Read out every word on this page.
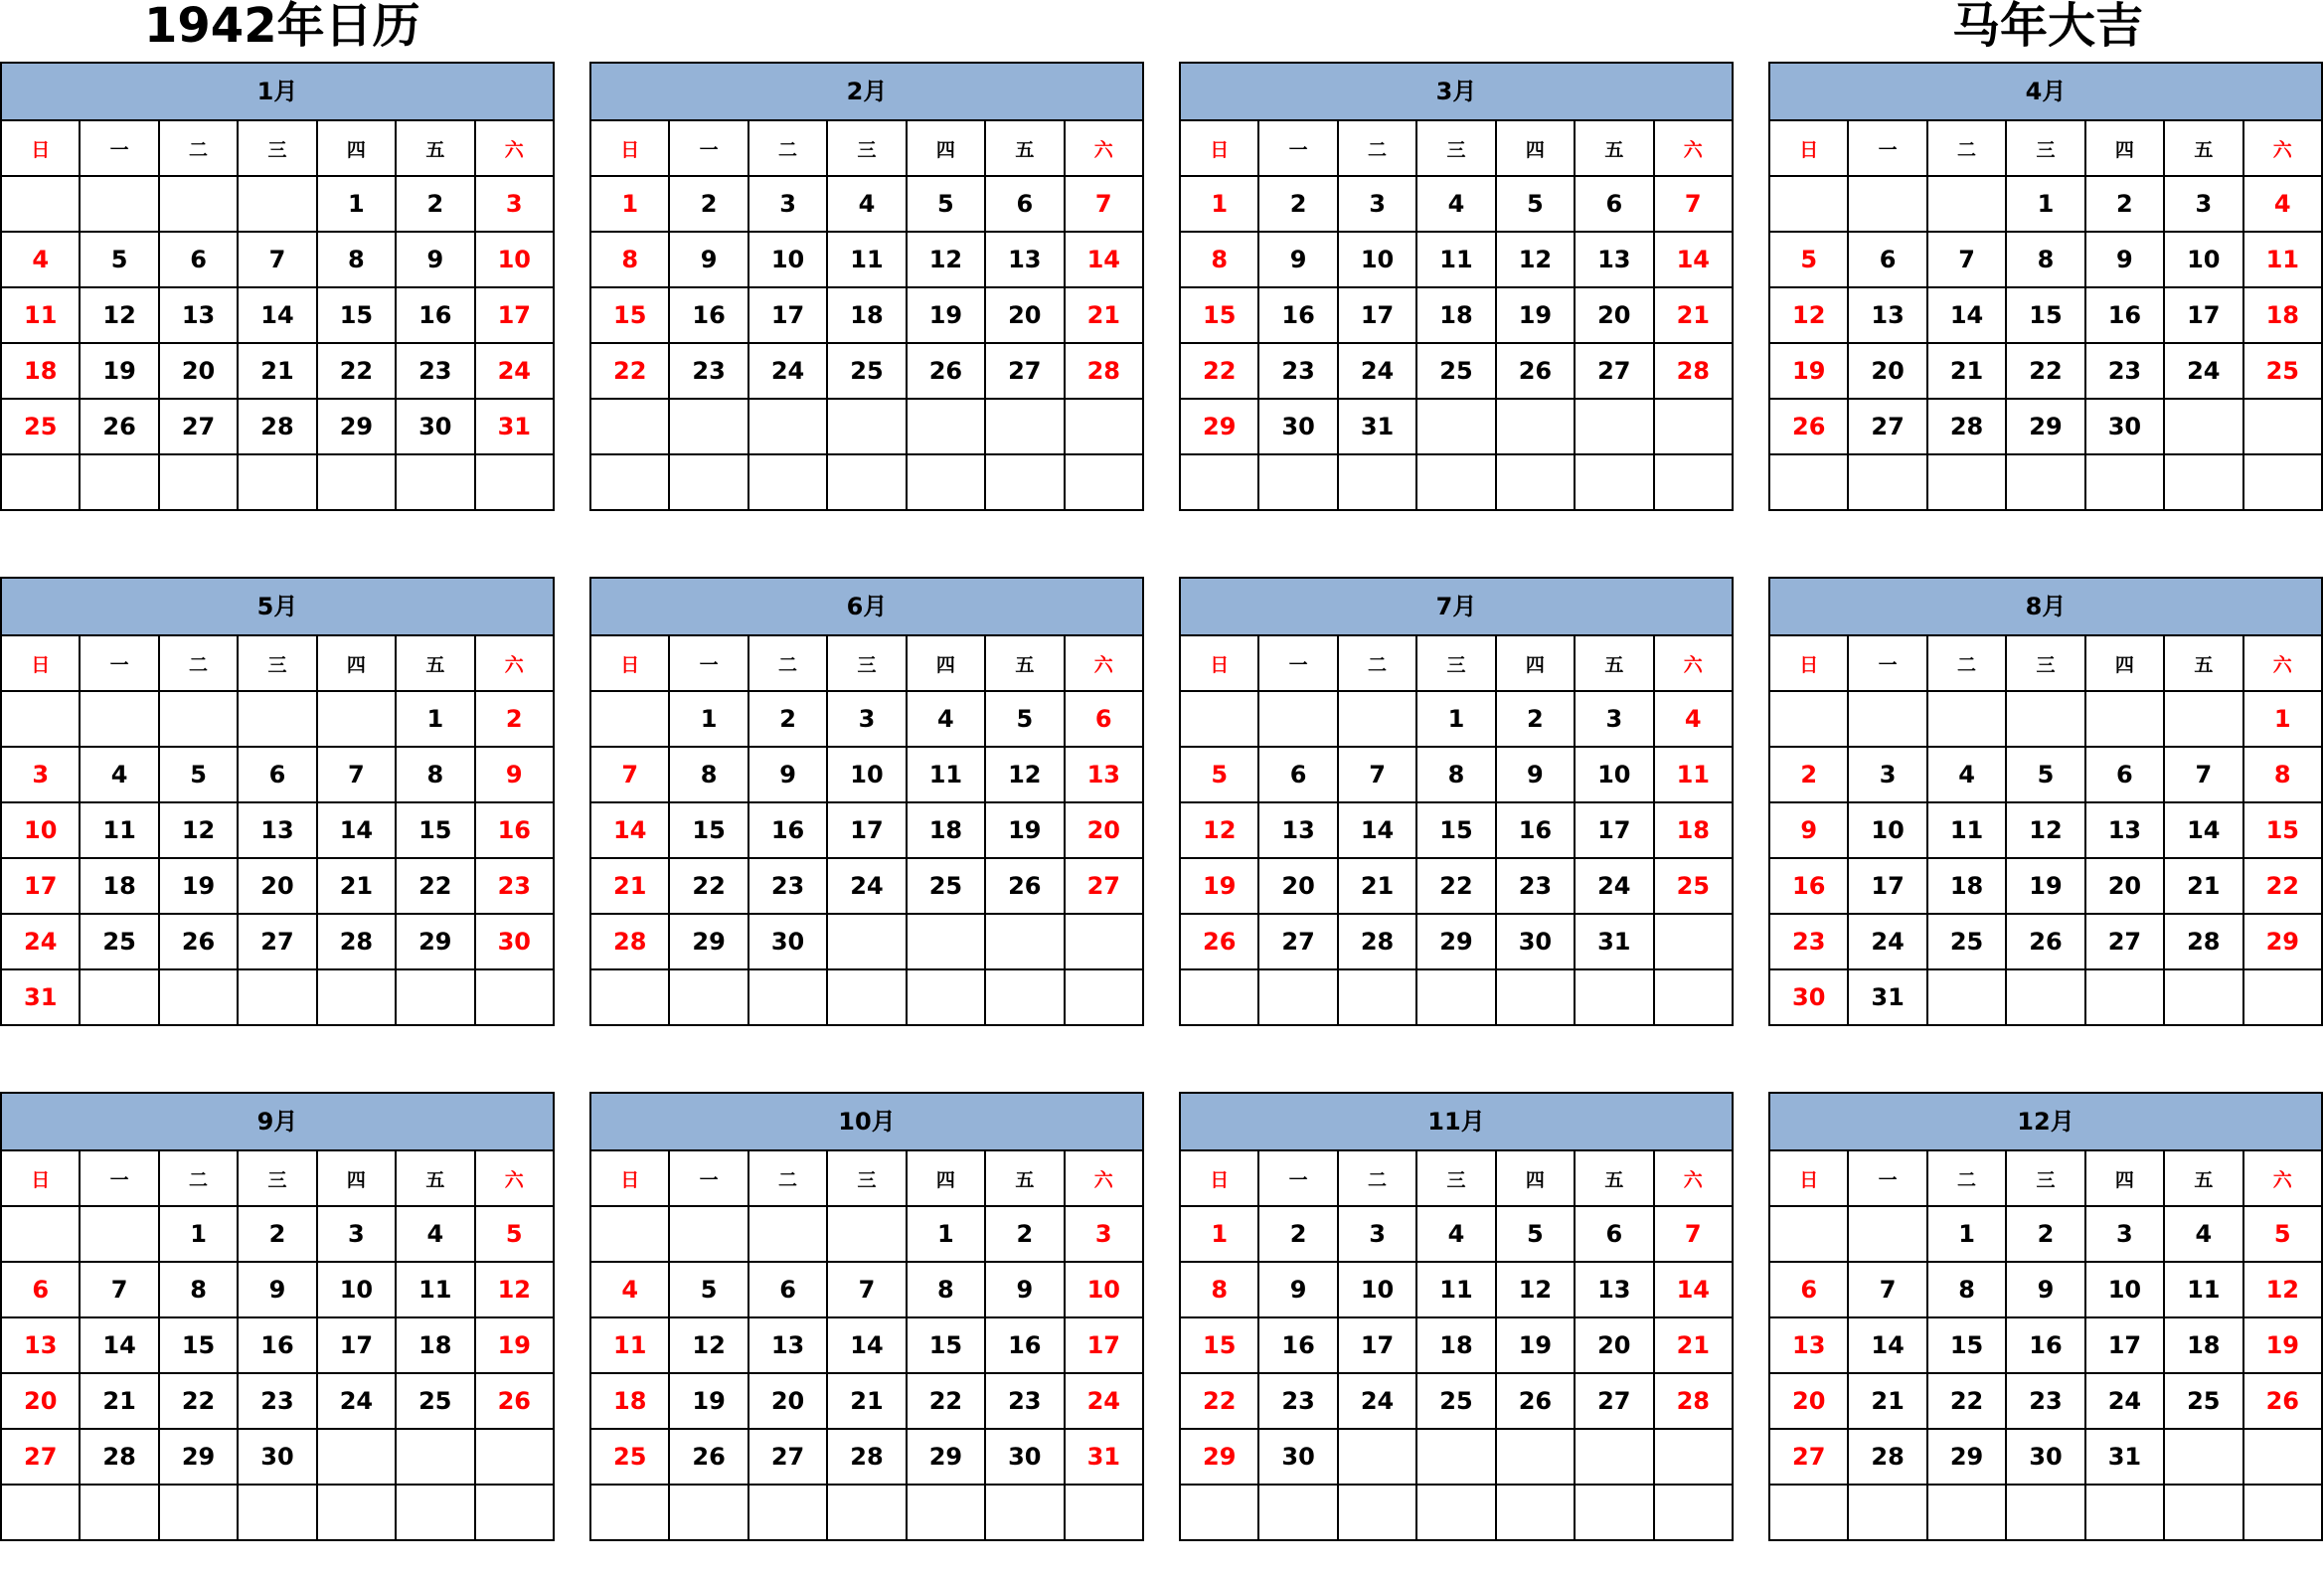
1942年日历	马年大吉
1月
日	一	二	三	四	五	六
				1	2	3
4	5	6	7	8	9	10
11	12	13	14	15	16	17
18	19	20	21	22	23	24
25	26	27	28	29	30	31

2月
日	一	二	三	四	五	六
1	2	3	4	5	6	7
8	9	10	11	12	13	14
15	16	17	18	19	20	21
22	23	24	25	26	27	28

3月
日	一	二	三	四	五	六
1	2	3	4	5	6	7
8	9	10	11	12	13	14
15	16	17	18	19	20	21
22	23	24	25	26	27	28
29	30	31				

4月
日	一	二	三	四	五	六
			1	2	3	4
5	6	7	8	9	10	11
12	13	14	15	16	17	18
19	20	21	22	23	24	25
26	27	28	29	30		

5月
日	一	二	三	四	五	六
					1	2
3	4	5	6	7	8	9
10	11	12	13	14	15	16
17	18	19	20	21	22	23
24	25	26	27	28	29	30
31						
6月
日	一	二	三	四	五	六
	1	2	3	4	5	6
7	8	9	10	11	12	13
14	15	16	17	18	19	20
21	22	23	24	25	26	27
28	29	30				

7月
日	一	二	三	四	五	六
			1	2	3	4
5	6	7	8	9	10	11
12	13	14	15	16	17	18
19	20	21	22	23	24	25
26	27	28	29	30	31	

8月
日	一	二	三	四	五	六
						1
2	3	4	5	6	7	8
9	10	11	12	13	14	15
16	17	18	19	20	21	22
23	24	25	26	27	28	29
30	31					
9月
日	一	二	三	四	五	六
		1	2	3	4	5
6	7	8	9	10	11	12
13	14	15	16	17	18	19
20	21	22	23	24	25	26
27	28	29	30			

10月
日	一	二	三	四	五	六
				1	2	3
4	5	6	7	8	9	10
11	12	13	14	15	16	17
18	19	20	21	22	23	24
25	26	27	28	29	30	31

11月
日	一	二	三	四	五	六
1	2	3	4	5	6	7
8	9	10	11	12	13	14
15	16	17	18	19	20	21
22	23	24	25	26	27	28
29	30					

12月
日	一	二	三	四	五	六
		1	2	3	4	5
6	7	8	9	10	11	12
13	14	15	16	17	18	19
20	21	22	23	24	25	26
27	28	29	30	31		
